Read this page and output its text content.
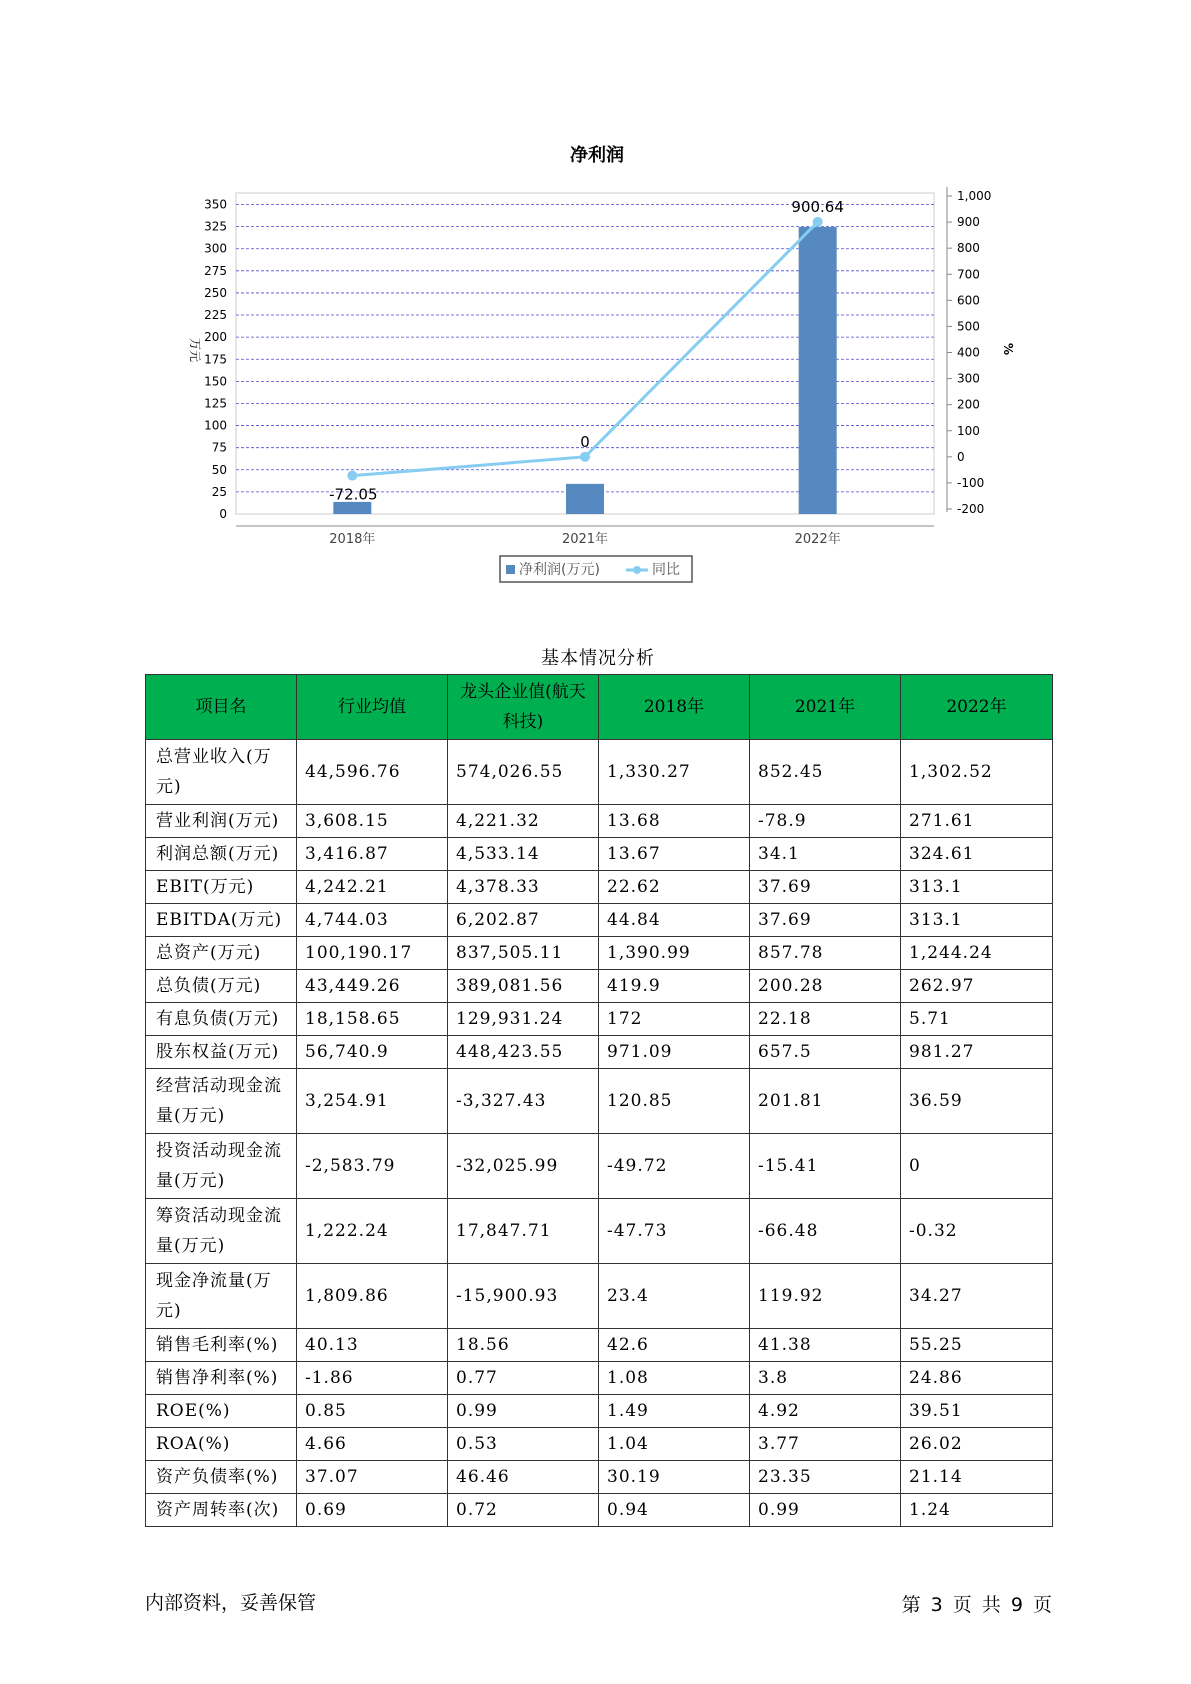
净利润
0
25
50
75
100
125
150
175
200
225
250
275
300
325
350
-200
-100
0
100
200
300
400
500
600
700
800
900
1,000
万元	%
2018年	2021年	2022年
-72.05
0
900.64
净利润(万元)	同比
基本情况分析
项目名	行业均值	龙头企业值(航天科技)	2018年	2021年	2022年
总营业收入(万元)	44,596.76	574,026.55	1,330.27	852.45	1,302.52
营业利润(万元)	3,608.15	4,221.32	13.68	-78.9	271.61
利润总额(万元)	3,416.87	4,533.14	13.67	34.1	324.61
EBIT(万元)	4,242.21	4,378.33	22.62	37.69	313.1
EBITDA(万元)	4,744.03	6,202.87	44.84	37.69	313.1
总资产(万元)	100,190.17	837,505.11	1,390.99	857.78	1,244.24
总负债(万元)	43,449.26	389,081.56	419.9	200.28	262.97
有息负债(万元)	18,158.65	129,931.24	172	22.18	5.71
股东权益(万元)	56,740.9	448,423.55	971.09	657.5	981.27
经营活动现金流量(万元)	3,254.91	-3,327.43	120.85	201.81	36.59
投资活动现金流量(万元)	-2,583.79	-32,025.99	-49.72	-15.41	0
筹资活动现金流量(万元)	1,222.24	17,847.71	-47.73	-66.48	-0.32
现金净流量(万元)	1,809.86	-15,900.93	23.4	119.92	34.27
销售毛利率(%)	40.13	18.56	42.6	41.38	55.25
销售净利率(%)	-1.86	0.77	1.08	3.8	24.86
ROE(%)	0.85	0.99	1.49	4.92	39.51
ROA(%)	4.66	0.53	1.04	3.77	26.02
资产负债率(%)	37.07	46.46	30.19	23.35	21.14
资产周转率(次)	0.69	0.72	0.94	0.99	1.24
内部资料，妥善保管	第 3 页 共 9 页
